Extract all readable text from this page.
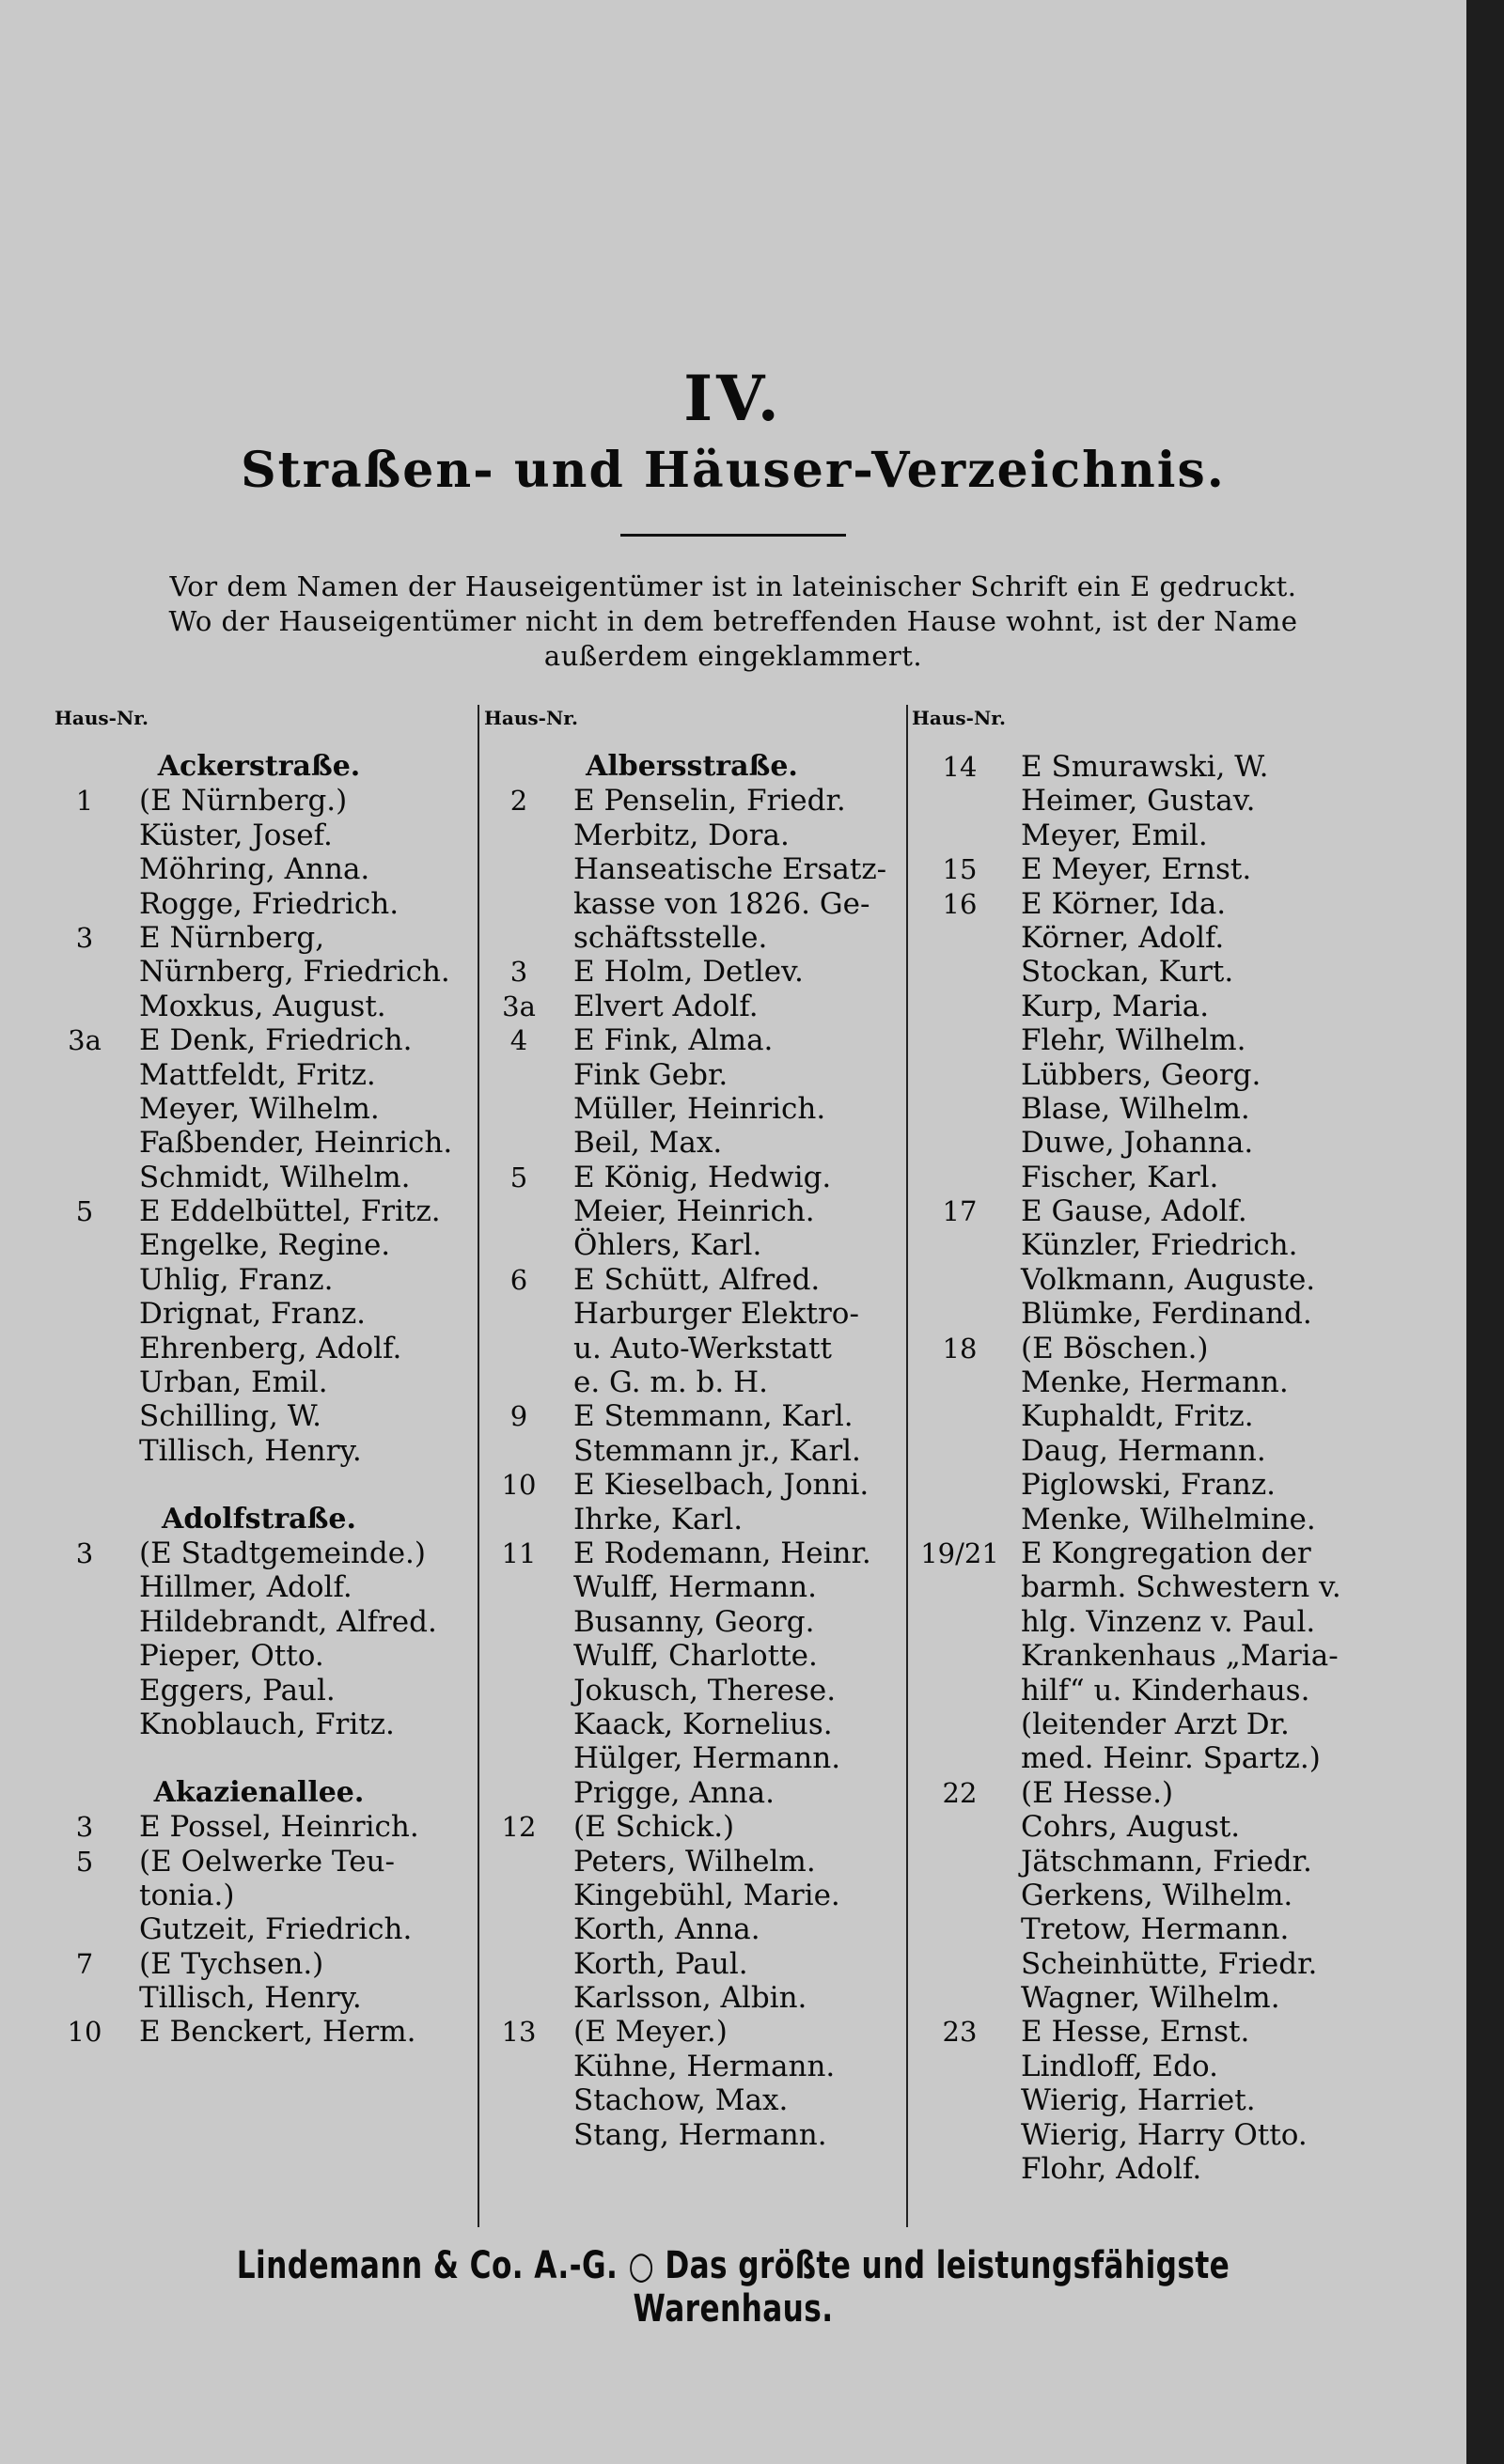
IV.
Straßen- und Häuser-Verzeichnis.
Vor dem Namen der Hauseigentümer ist in lateinischer Schrift ein E gedruckt.
Wo der Hauseigentümer nicht in dem betreffenden Hause wohnt, ist der Name
außerdem eingeklammert.
Haus-Nr.	Haus-Nr.	Haus-Nr.
Ackerstraße.
1	(E Nürnberg.)
Küster, Josef.
Möhring, Anna.
Rogge, Friedrich.
3	E Nürnberg,
Nürnberg, Friedrich.
Moxkus, August.
3a	E Denk, Friedrich.
Mattfeldt, Fritz.
Meyer, Wilhelm.
Faßbender, Heinrich.
Schmidt, Wilhelm.
5	E Eddelbüttel, Fritz.
Engelke, Regine.
Uhlig, Franz.
Drignat, Franz.
Ehrenberg, Adolf.
Urban, Emil.
Schilling, W.
Tillisch, Henry.
Adolfstraße.
3	(E Stadtgemeinde.)
Hillmer, Adolf.
Hildebrandt, Alfred.
Pieper, Otto.
Eggers, Paul.
Knoblauch, Fritz.
Akazienallee.
3	E Possel, Heinrich.
5	(E Oelwerke Teu-
tonia.)
Gutzeit, Friedrich.
7	(E Tychsen.)
Tillisch, Henry.
10	E Benckert, Herm.
Albersstraße.
2	E Penselin, Friedr.
Merbitz, Dora.
Hanseatische Ersatz-
kasse von 1826. Ge-
schäftsstelle.
3	E Holm, Detlev.
3a	Elvert Adolf.
4	E Fink, Alma.
Fink Gebr.
Müller, Heinrich.
Beil, Max.
5	E König, Hedwig.
Meier, Heinrich.
Öhlers, Karl.
6	E Schütt, Alfred.
Harburger Elektro-
u. Auto-Werkstatt
e. G. m. b. H.
9	E Stemmann, Karl.
Stemmann jr., Karl.
10	E Kieselbach, Jonni.
Ihrke, Karl.
11	E Rodemann, Heinr.
Wulff, Hermann.
Busanny, Georg.
Wulff, Charlotte.
Jokusch, Therese.
Kaack, Kornelius.
Hülger, Hermann.
Prigge, Anna.
12	(E Schick.)
Peters, Wilhelm.
Kingebühl, Marie.
Korth, Anna.
Korth, Paul.
Karlsson, Albin.
13	(E Meyer.)
Kühne, Hermann.
Stachow, Max.
Stang, Hermann.
14	E Smurawski, W.
Heimer, Gustav.
Meyer, Emil.
15	E Meyer, Ernst.
16	E Körner, Ida.
Körner, Adolf.
Stockan, Kurt.
Kurp, Maria.
Flehr, Wilhelm.
Lübbers, Georg.
Blase, Wilhelm.
Duwe, Johanna.
Fischer, Karl.
17	E Gause, Adolf.
Künzler, Friedrich.
Volkmann, Auguste.
Blümke, Ferdinand.
18	(E Böschen.)
Menke, Hermann.
Kuphaldt, Fritz.
Daug, Hermann.
Piglowski, Franz.
Menke, Wilhelmine.
19/21 E Kongregation der
barmh. Schwestern v.
hlg. Vinzenz v. Paul.
Krankenhaus „Maria-
hilf“ u. Kinderhaus.
(leitender Arzt Dr.
med. Heinr. Spartz.)
22	(E Hesse.)
Cohrs, August.
Jätschmann, Friedr.
Gerkens, Wilhelm.
Tretow, Hermann.
Scheinhütte, Friedr.
Wagner, Wilhelm.
23	E Hesse, Ernst.
Lindloff, Edo.
Wierig, Harriet.
Wierig, Harry Otto.
Flohr, Adolf.
Lindemann & Co. A.-G. ○ Das größte und leistungsfähigste Warenhaus.
